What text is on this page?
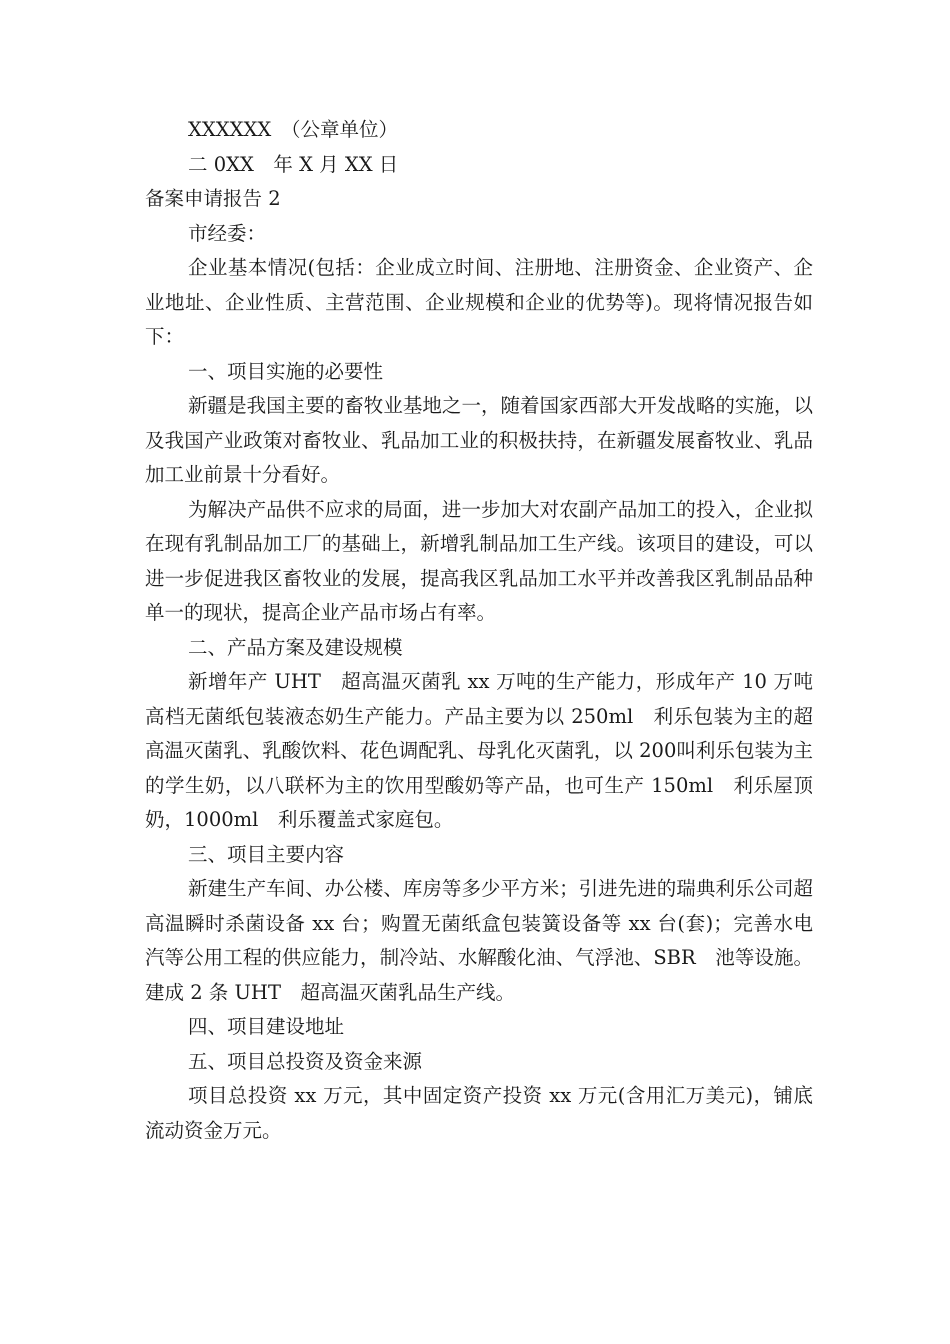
XXXXXX　（公章单位）

二 0XX　年 X 月 XX 日

备案申请报告 2

市经委：

企业基本情况(包括：企业成立时间、注册地、注册资金、企业资产、企业地址、企业性质、主营范围、企业规模和企业的优势等)。现将情况报告如下：

一、项目实施的必要性

新疆是我国主要的畜牧业基地之一，随着国家西部大开发战略的实施，以及我国产业政策对畜牧业、乳品加工业的积极扶持，在新疆发展畜牧业、乳品加工业前景十分看好。

为解决产品供不应求的局面，进一步加大对农副产品加工的投入，企业拟在现有乳制品加工厂的基础上，新增乳制品加工生产线。该项目的建设，可以进一步促进我区畜牧业的发展，提高我区乳品加工水平并改善我区乳制品品种单一的现状，提高企业产品市场占有率。

二、产品方案及建设规模

新增年产 UHT　超高温灭菌乳 xx 万吨的生产能力，形成年产 10 万吨高档无菌纸包装液态奶生产能力。产品主要为以 250ml　利乐包装为主的超高温灭菌乳、乳酸饮料、花色调配乳、母乳化灭菌乳，以 200叫利乐包装为主的学生奶，以八联杯为主的饮用型酸奶等产品，也可生产 150ml　利乐屋顶奶，1000ml　利乐覆盖式家庭包。

三、项目主要内容

新建生产车间、办公楼、库房等多少平方米；引进先进的瑞典利乐公司超高温瞬时杀菌设备 xx 台；购置无菌纸盒包装簧设备等 xx 台(套)；完善水电汽等公用工程的供应能力，制冷站、水解酸化油、气浮池、SBR　池等设施。建成 2 条 UHT　超高温灭菌乳品生产线。

四、项目建设地址

五、项目总投资及资金来源

项目总投资 xx 万元，其中固定资产投资 xx 万元(含用汇万美元)，铺底流动资金万元。
